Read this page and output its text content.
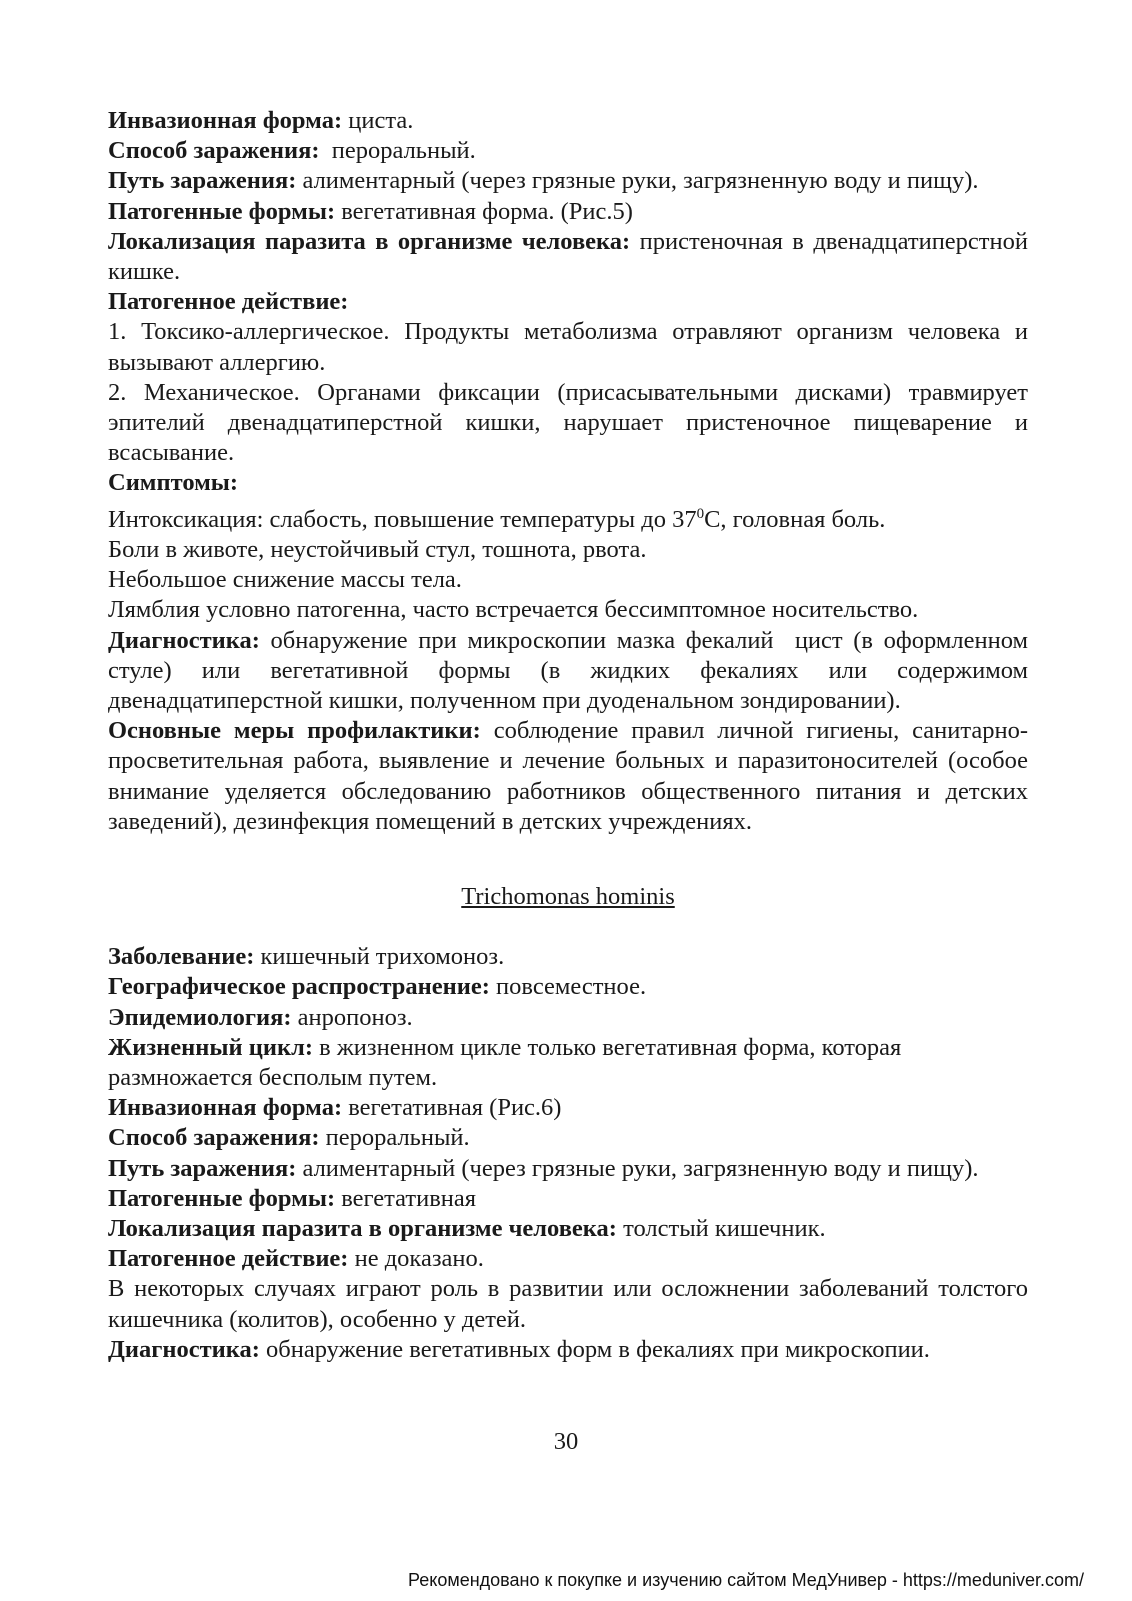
Инвазионная форма: циста.

Способ заражения:  пероральный.

Путь заражения: алиментарный (через грязные руки, загрязненную воду и пищу).

Патогенные формы: вегетативная форма. (Рис.5)

Локализация паразита в организме человека: пристеночная в двенадцатиперстной кишке.

Патогенное действие:

1. Токсико-аллергическое. Продукты метаболизма отравляют организм человека и вызывают аллергию.

2. Механическое. Органами фиксации (присасывательными дисками) травмирует эпителий двенадцатиперстной кишки, нарушает пристеночное пищеварение и всасывание.

Симптомы:

Интоксикация: слабость, повышение температуры до $37^0С$, головная боль.

Боли в животе, неустойчивый стул, тошнота, рвота.

Небольшое снижение массы тела.

Лямблия условно патогенна, часто встречается бессимптомное носительство.

Диагностика: обнаружение при микроскопии мазка фекалий  цист (в оформленном стуле) или вегетативной формы (в жидких фекалиях или содержимом двенадцатиперстной кишки, полученном при дуоденальном зондировании).

Основные меры профилактики: соблюдение правил личной гигиены, санитарно-просветительная работа, выявление и лечение больных и паразитоносителей (особое внимание уделяется обследованию работников общественного питания и детских заведений), дезинфекция помещений в детских учреждениях.

Trichomonas hominis

Заболевание: кишечный трихомоноз.

Географическое распространение: повсеместное.

Эпидемиология: анропоноз.

Жизненный цикл: в жизненном цикле только вегетативная форма, которая размножается бесполым путем.

Инвазионная форма: вегетативная (Рис.6)

Способ заражения: пероральный.

Путь заражения: алиментарный (через грязные руки, загрязненную воду и пищу).

Патогенные формы: вегетативная

Локализация паразита в организме человека: толстый кишечник.

Патогенное действие: не доказано.

В некоторых случаях играют роль в развитии или осложнении заболеваний толстого кишечника (колитов), особенно у детей.

Диагностика: обнаружение вегетативных форм в фекалиях при микроскопии.

30
Рекомендовано к покупке и изучению сайтом МедУнивер - https://meduniver.com/
